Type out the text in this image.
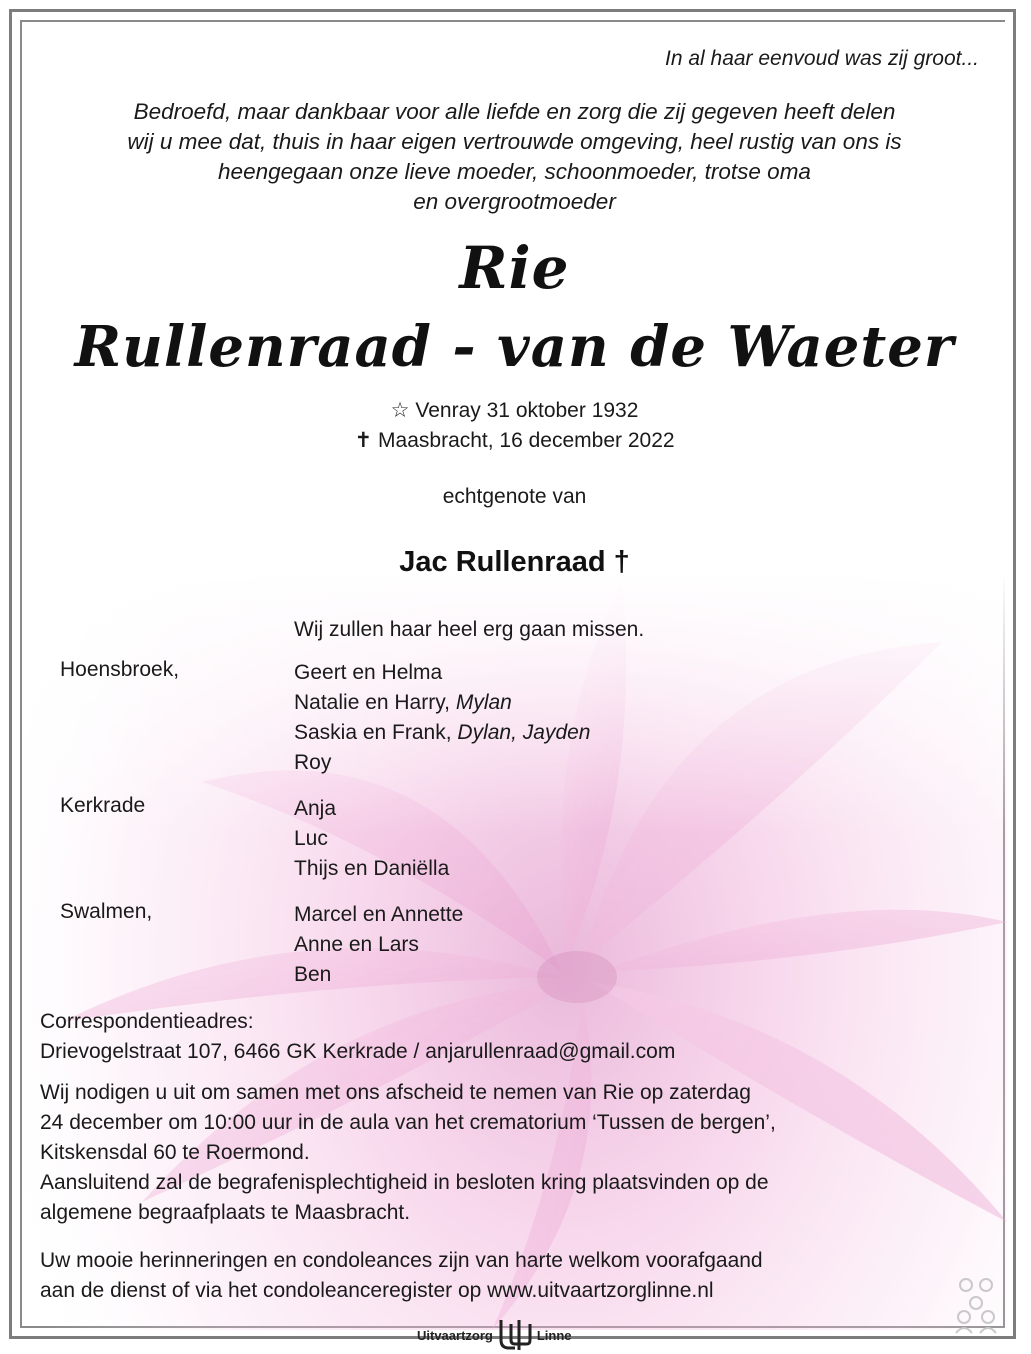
In al haar eenvoud was zij groot...
Bedroefd, maar dankbaar voor alle liefde en zorg die zij gegeven heeft delen
wij u mee dat, thuis in haar eigen vertrouwde omgeving, heel rustig van ons is
heengegaan onze lieve moeder, schoonmoeder, trotse oma
en overgrootmoeder
Rie
Rullenraad - van de Waeter
☆ Venray 31 oktober 1932
✝ Maasbracht, 16 december 2022
echtgenote van
Jac Rullenraad †
Wij zullen haar heel erg gaan missen.
Hoensbroek,	Geert en Helma
Natalie en Harry, Mylan
Saskia en Frank, Dylan, Jayden
Roy
Kerkrade	Anja
Luc
Thijs en Daniëlla
Swalmen,	Marcel en Annette
Anne en Lars
Ben
Correspondentieadres:
Drievogelstraat 107, 6466 GK Kerkrade / anjarullenraad@gmail.com
Wij nodigen u uit om samen met ons afscheid te nemen van Rie op zaterdag
24 december om 10:00 uur in de aula van het crematorium ‘Tussen de bergen’,
Kitskensdal 60 te Roermond.
Aansluitend zal de begrafenisplechtigheid in besloten kring plaatsvinden op de
algemene begraafplaats te Maasbracht.
Uw mooie herinneringen en condoleances zijn van harte welkom voorafgaand
aan de dienst of via het condoleanceregister op www.uitvaartzorglinne.nl
Uitvaartzorg	Linne
